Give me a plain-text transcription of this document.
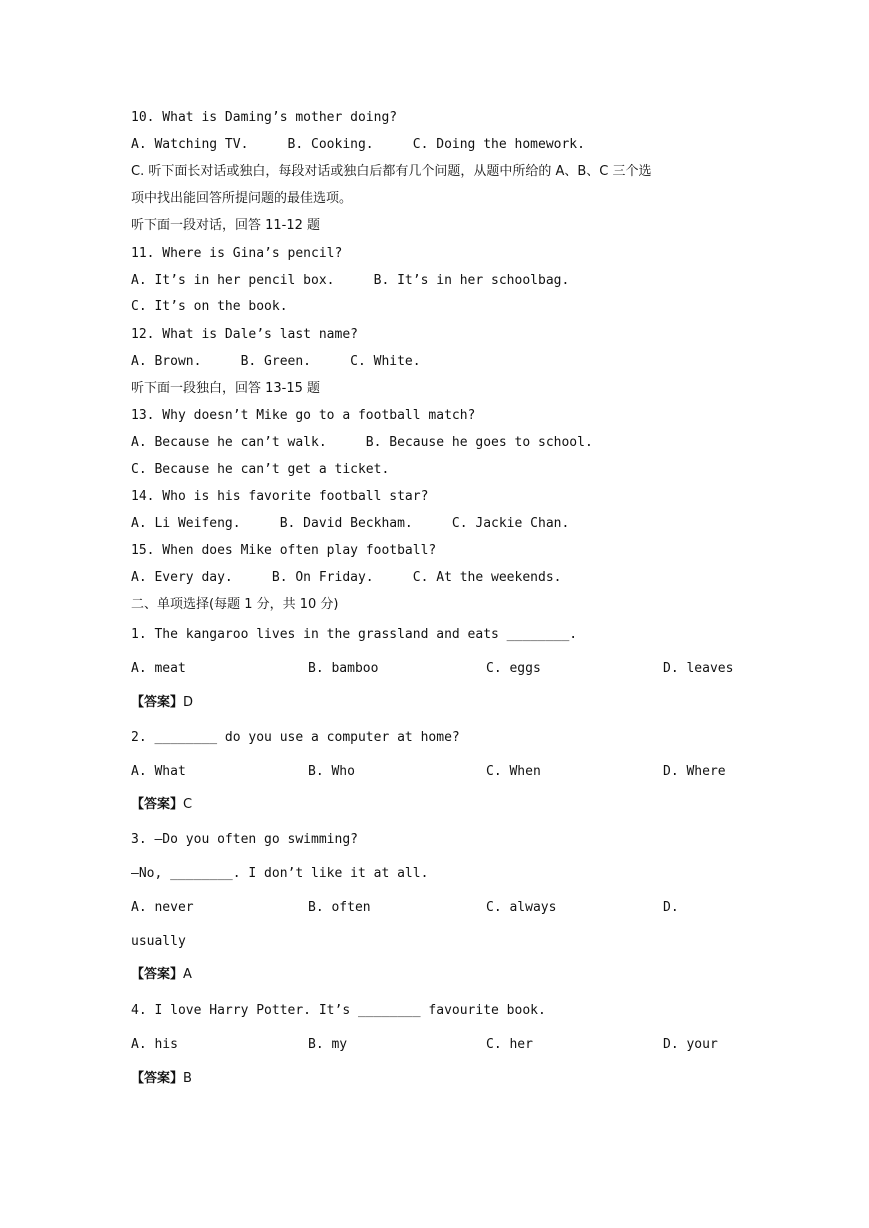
10. What is Daming’s mother doing?
A. Watching TV.     B. Cooking.     C. Doing the homework.
C. 听下面长对话或独白，每段对话或独白后都有几个问题，从题中所给的 A、B、C 三个选
项中找出能回答所提问题的最佳选项。
听下面一段对话，回答 11-12 题
11. Where is Gina’s pencil?
A. It’s in her pencil box.     B. It’s in her schoolbag.
C. It’s on the book.
12. What is Dale’s last name?
A. Brown.     B. Green.     C. White.
听下面一段独白，回答 13-15 题
13. Why doesn’t Mike go to a football match?
A. Because he can’t walk.     B. Because he goes to school.
C. Because he can’t get a ticket.
14. Who is his favorite football star?
A. Li Weifeng.     B. David Beckham.     C. Jackie Chan.
15. When does Mike often play football?
A. Every day.     B. On Friday.     C. At the weekends.
二、单项选择(每题 1 分，共 10 分)
1. The kangaroo lives in the grassland and eats ________.
A. meat	B. bamboo	C. eggs	D. leaves
【答案】D
2. ________ do you use a computer at home?
A. What	B. Who	C. When	D. Where
【答案】C
3. —Do you often go swimming?
—No, ________. I don’t like it at all.
A. never	B. often	C. always	D.
usually
【答案】A
4. I love Harry Potter. It’s ________ favourite book.
A. his	B. my	C. her	D. your
【答案】B
